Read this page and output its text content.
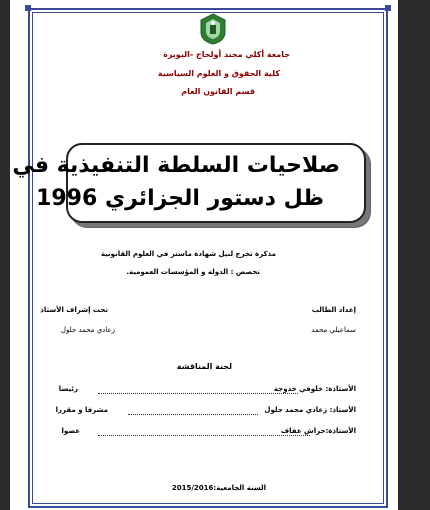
جامعة أكلي محند أولحاج -البويرة
كلية الحقوق و العلوم السياسية
قسم القانون العام
صلاحيات السلطة التنفيذية في
ظل دستور الجزائري 1996
مذكرة تخرج لنيل شهادة ماستر في العلوم القانونية
تخصص : الدولة و المؤسسات العمومية.
إعداد الطالب
تحت إشراف الأستاذ
سماعيلي محمد
زعادي محمد جلول
لجنة المناقشة
الأستاذة: خلوفي خدوجة
رئيسا
الأستاذ: زعادي محمد جلول
مشرفا و مقررا
الأستاذة:حراش عفاف
عضوا
السنة الجامعية:2015/2016
